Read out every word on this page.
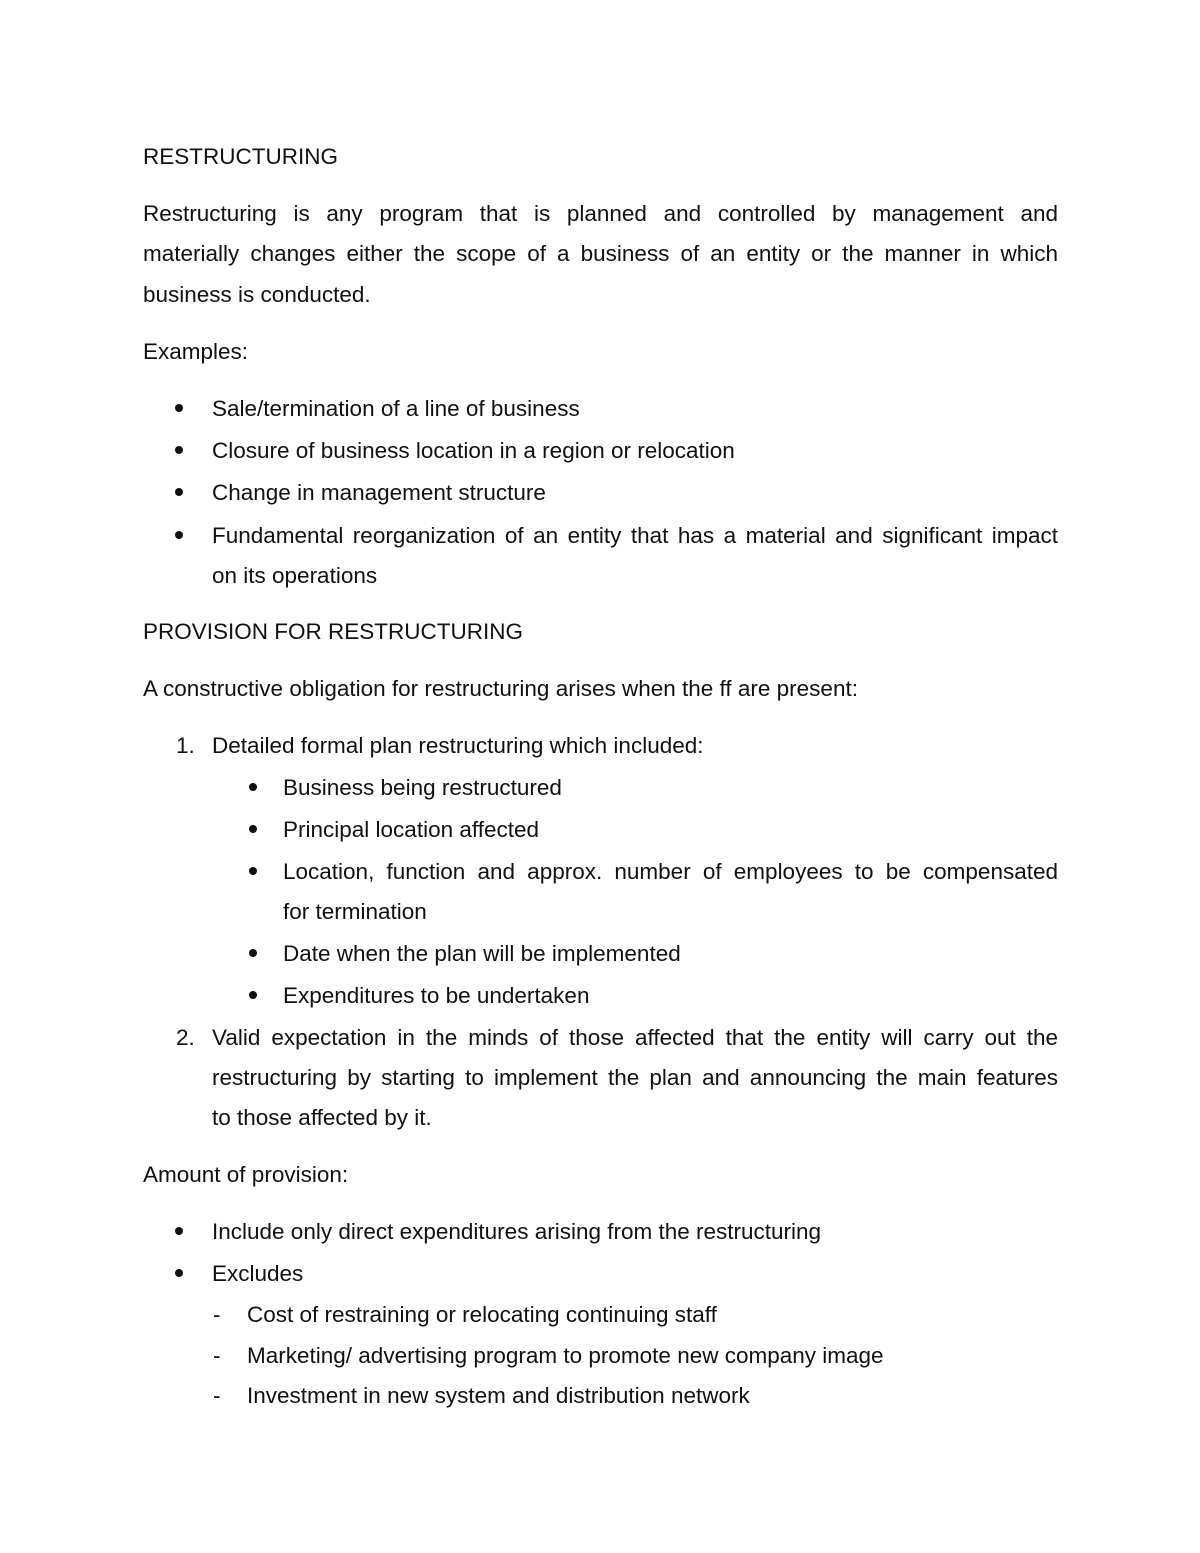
RESTRUCTURING
Restructuring is any program that is planned and controlled by management and
materially changes either the scope of a business of an entity or the manner in which
business is conducted.
Examples:
Sale/termination of a line of business
Closure of business location in a region or relocation
Change in management structure
Fundamental reorganization of an entity that has a material and significant impact
on its operations
PROVISION FOR RESTRUCTURING
A constructive obligation for restructuring arises when the ff are present:
1. Detailed formal plan restructuring which included:
Business being restructured
Principal location affected
Location, function and approx. number of employees to be compensated
for termination
Date when the plan will be implemented
Expenditures to be undertaken
2. Valid expectation in the minds of those affected that the entity will carry out the
restructuring by starting to implement the plan and announcing the main features
to those affected by it.
Amount of provision:
Include only direct expenditures arising from the restructuring
Excludes
- Cost of restraining or relocating continuing staff
- Marketing/ advertising program to promote new company image
- Investment in new system and distribution network
